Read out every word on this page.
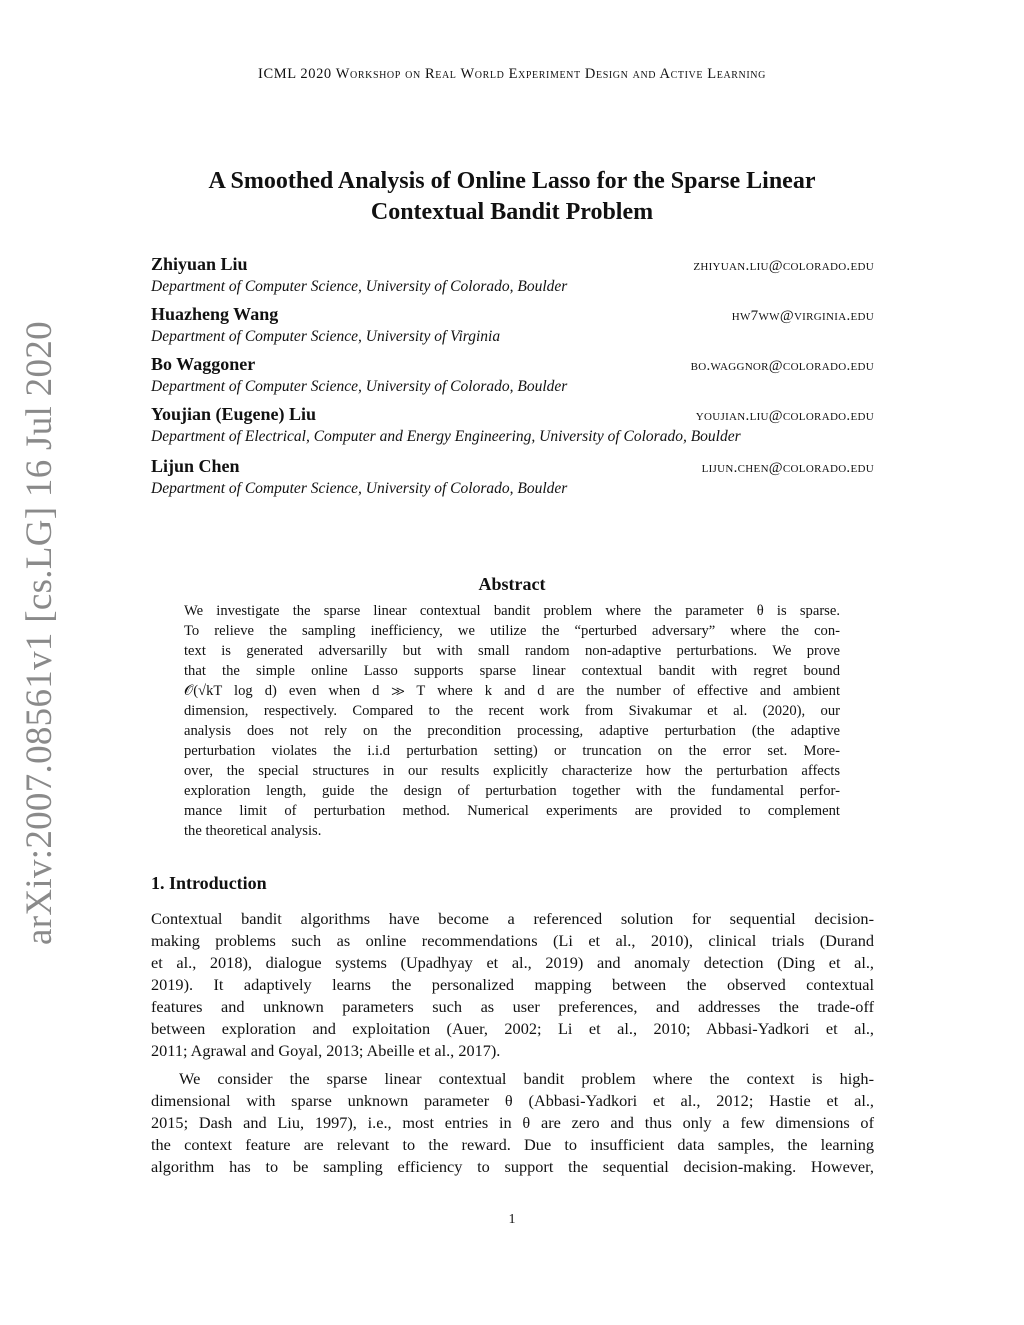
ICML 2020 Workshop on Real World Experiment Design and Active Learning
arXiv:2007.08561v1 [cs.LG] 16 Jul 2020
A Smoothed Analysis of Online Lasso for the Sparse Linear
Contextual Bandit Problem
Zhiyuan Liu	zhiyuan.liu@colorado.edu
Department of Computer Science, University of Colorado, Boulder
Huazheng Wang	hw7ww@virginia.edu
Department of Computer Science, University of Virginia
Bo Waggoner	bo.waggnor@colorado.edu
Department of Computer Science, University of Colorado, Boulder
Youjian (Eugene) Liu	youjian.liu@colorado.edu
Department of Electrical, Computer and Energy Engineering, University of Colorado, Boulder
Lijun Chen	lijun.chen@colorado.edu
Department of Computer Science, University of Colorado, Boulder
Abstract
We investigate the sparse linear contextual bandit problem where the parameter θ is sparse.
To relieve the sampling inefficiency, we utilize the “perturbed adversary” where the con-
text is generated adversarilly but with small random non-adaptive perturbations. We prove
that the simple online Lasso supports sparse linear contextual bandit with regret bound
𝒪(√kT log d) even when d ≫ T where k and d are the number of effective and ambient
dimension, respectively. Compared to the recent work from Sivakumar et al. (2020), our
analysis does not rely on the precondition processing, adaptive perturbation (the adaptive
perturbation violates the i.i.d perturbation setting) or truncation on the error set. More-
over, the special structures in our results explicitly characterize how the perturbation affects
exploration length, guide the design of perturbation together with the fundamental perfor-
mance limit of perturbation method. Numerical experiments are provided to complement
the theoretical analysis.
1. Introduction
Contextual bandit algorithms have become a referenced solution for sequential decision-
making problems such as online recommendations (Li et al., 2010), clinical trials (Durand
et al., 2018), dialogue systems (Upadhyay et al., 2019) and anomaly detection (Ding et al.,
2019). It adaptively learns the personalized mapping between the observed contextual
features and unknown parameters such as user preferences, and addresses the trade-off
between exploration and exploitation (Auer, 2002; Li et al., 2010; Abbasi-Yadkori et al.,
2011; Agrawal and Goyal, 2013; Abeille et al., 2017).
We consider the sparse linear contextual bandit problem where the context is high-
dimensional with sparse unknown parameter θ (Abbasi-Yadkori et al., 2012; Hastie et al.,
2015; Dash and Liu, 1997), i.e., most entries in θ are zero and thus only a few dimensions of
the context feature are relevant to the reward. Due to insufficient data samples, the learning
algorithm has to be sampling efficiency to support the sequential decision-making. However,
1
